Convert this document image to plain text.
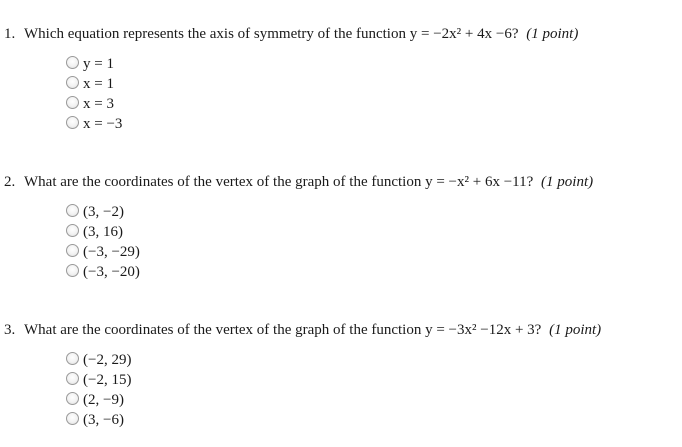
1. Which equation represents the axis of symmetry of the function y = −2x² + 4x −6? (1 point)
y = 1
x = 1
x = 3
x = −3
2. What are the coordinates of the vertex of the graph of the function y = −x² + 6x −11? (1 point)
(3, −2)
(3, 16)
(−3, −29)
(−3, −20)
3. What are the coordinates of the vertex of the graph of the function y = −3x² −12x + 3? (1 point)
(−2, 29)
(−2, 15)
(2, −9)
(3, −6)
